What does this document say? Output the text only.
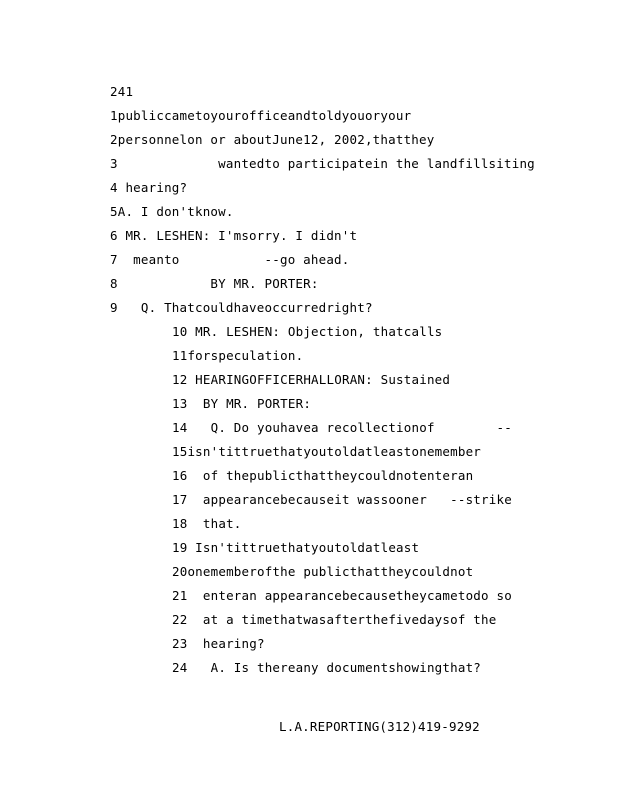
241
1publiccametoyourofficeandtoldyouoryour
2personnelon or aboutJune12, 2002,thatthey
3             wantedto participatein the landfillsiting
4 hearing?
5A. I don'tknow.
6 MR. LESHEN: I'msorry. I didn't
7  meanto           --go ahead.
8            BY MR. PORTER:
9   Q. Thatcouldhaveoccurredright?
10 MR. LESHEN: Objection, thatcalls
11forspeculation.
12 HEARINGOFFICERHALLORAN: Sustained
13  BY MR. PORTER:
14   Q. Do youhavea recollectionof        --
15isn'tittruethatyoutoldatleastonemember
16  of thepublicthattheycouldnotenteran
17  appearancebecauseit wassooner   --strike
18  that.
19 Isn'tittruethatyoutoldatleast
20onememberofthe publicthattheycouldnot
21  enteran appearancebecausetheycametodo so
22  at a timethatwasafterthefivedaysof the
23  hearing?
24   A. Is thereany documentshowingthat?
L.A.REPORTING(312)419-9292
